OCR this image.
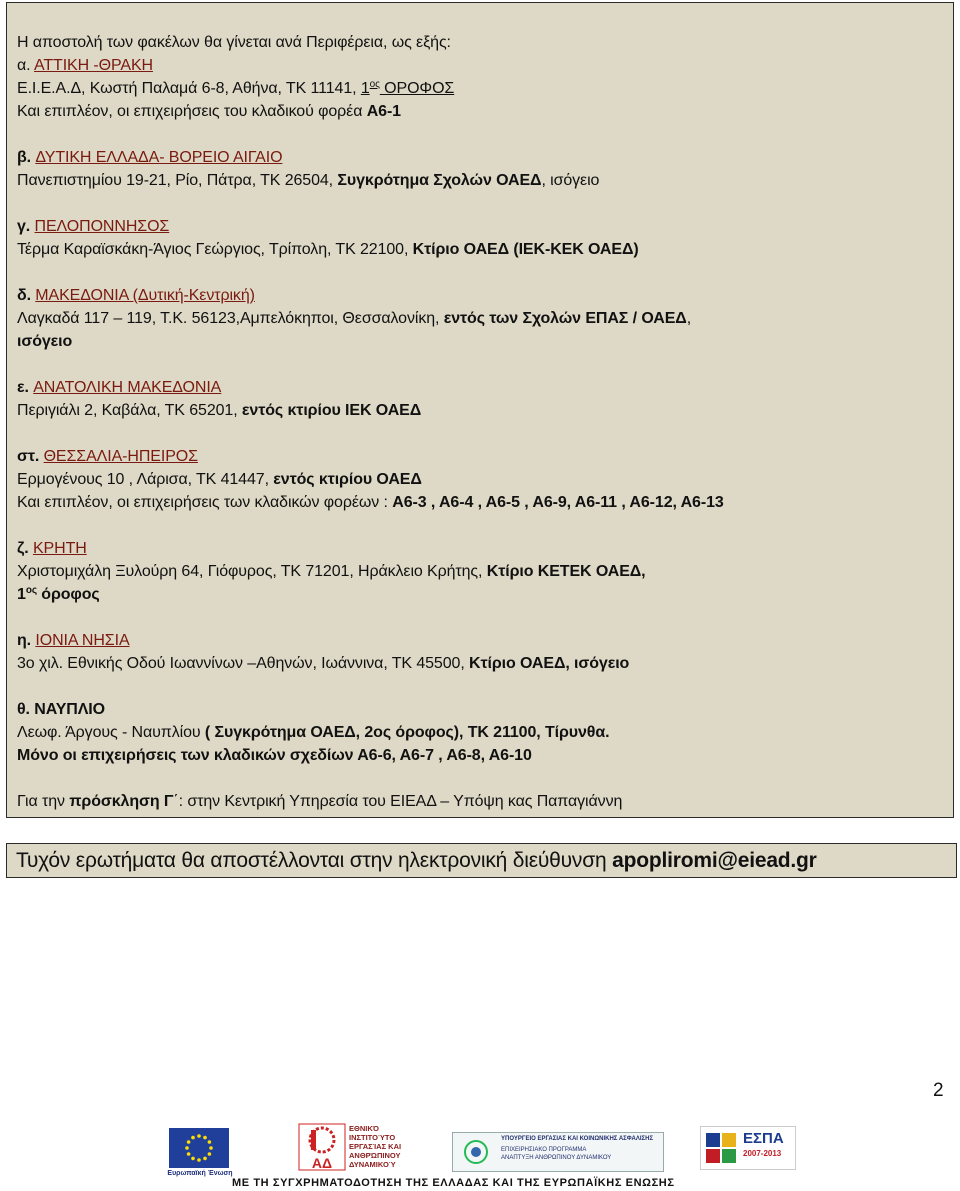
Η αποστολή των φακέλων θα γίνεται ανά Περιφέρεια, ως εξής:
α. ΑΤΤΙΚΗ -ΘΡΑΚΗ
Ε.Ι.Ε.Α.Δ, Κωστή Παλαμά 6-8, Αθήνα, ΤΚ 11141, $1^{o\varsigma}$ ΟΡΟΦΟΣ
Και επιπλέον, οι επιχειρήσεις του κλαδικού φορέα Α6-1
β. ΔΥΤΙΚΗ ΕΛΛΑΔΑ- ΒΟΡΕΙΟ ΑΙΓΑΙΟ
Πανεπιστημίου 19-21, Ρίο, Πάτρα, ΤΚ 26504, Συγκρότημα Σχολών ΟΑΕΔ, ισόγειο
γ. ΠΕΛΟΠΟΝΝΗΣΟΣ
Τέρμα Καραϊσκάκη-Άγιος Γεώργιος, Τρίπολη, ΤΚ 22100, Κτίριο ΟΑΕΔ (ΙΕΚ-ΚΕΚ ΟΑΕΔ)
δ. ΜΑΚΕΔΟΝΙΑ (Δυτική-Κεντρική)
Λαγκαδά 117 – 119, Τ.Κ. 56123,Αμπελόκηποι, Θεσσαλονίκη, εντός των Σχολών ΕΠΑΣ / ΟΑΕΔ,
ισόγειο
ε. ΑΝΑΤΟΛΙΚΗ ΜΑΚΕΔΟΝΙΑ
Περιγιάλι 2, Καβάλα, ΤΚ 65201, εντός κτιρίου ΙΕΚ ΟΑΕΔ
στ. ΘΕΣΣΑΛΙΑ-ΗΠΕΙΡΟΣ
Ερμογένους 10 , Λάρισα, ΤΚ 41447, εντός κτιρίου ΟΑΕΔ
Και επιπλέον, οι επιχειρήσεις των κλαδικών φορέων : Α6-3 , Α6-4 , Α6-5 , Α6-9, Α6-11 , Α6-12, Α6-13
ζ. ΚΡΗΤΗ
Χριστομιχάλη Ξυλούρη 64, Γιόφυρος, ΤΚ 71201, Ηράκλειο Κρήτης, Κτίριο ΚΕΤΕΚ ΟΑΕΔ,
$1^{o\varsigma}$ όροφος
η. ΙΟΝΙΑ ΝΗΣΙΑ
3ο χιλ. Εθνικής Οδού Ιωαννίνων –Αθηνών, Ιωάννινα, ΤΚ 45500, Κτίριο ΟΑΕΔ, ισόγειο
θ. ΝΑΥΠΛΙΟ
Λεωφ. Άργους - Ναυπλίου ( Συγκρότημα ΟΑΕΔ, 2ος όροφος), ΤΚ 21100, Τίρυνθα.
Μόνο οι επιχειρήσεις των κλαδικών σχεδίων Α6-6, Α6-7 , Α6-8, Α6-10
Για την πρόσκληση Γ΄: στην Κεντρική Υπηρεσία του ΕΙΕΑΔ – Υπόψη κας Παπαγιάννη
Τυχόν ερωτήματα θα αποστέλλονται στην ηλεκτρονική διεύθυνση apopliromi@eiead.gr
2
Ευρωπαϊκή Ένωση
ΑΔ
ΕΘΝΙΚΌ ΙΝΣΤΙΤΟΎΤΟ ΕΡΓΑΣΊΑΣ ΚΑΙ ΑΝΘΡΏΠΙΝΟΥ ΔΥΝΑΜΙΚΟΎ
ΥΠΟΥΡΓΕΙΟ ΕΡΓΑΣΙΑΣ ΚΑΙ ΚΟΙΝΩΝΙΚΗΣ ΑΣΦΑΛΙΣΗΣ
ΕΠΙΧΕΙΡΗΣΙΑΚΟ ΠΡΟΓΡΑΜΜΑ
ΑΝΑΠΤΥΞΗ ΑΝΘΡΩΠΙΝΟΥ ΔΥΝΑΜΙΚΟΥ
ΕΣΠΑ
2007-2013
ΜΕ ΤΗ ΣΥΓΧΡΗΜΑΤΟΔΟΤΗΣΗ ΤΗΣ ΕΛΛΑΔΑΣ ΚΑΙ ΤΗΣ ΕΥΡΩΠΑΪΚΗΣ ΕΝΩΣΗΣ
